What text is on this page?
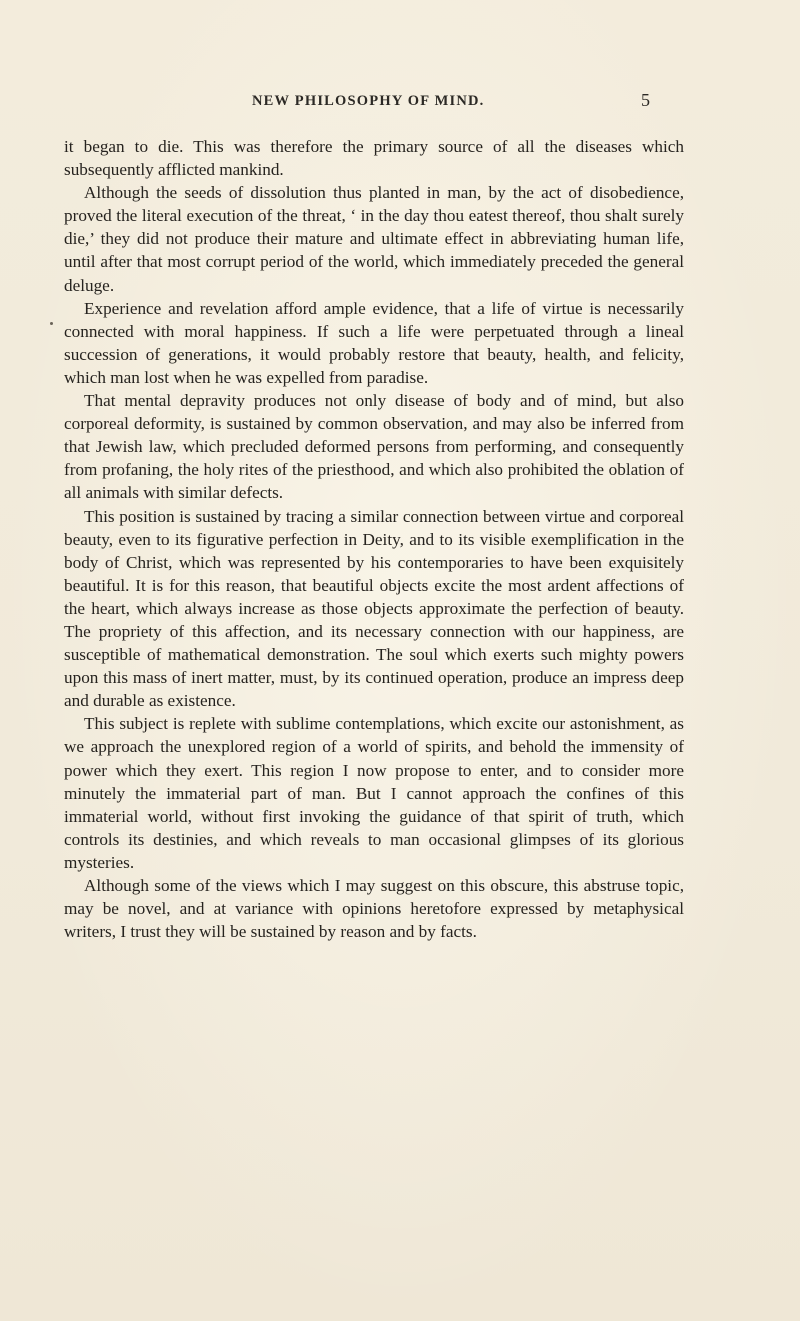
NEW PHILOSOPHY OF MIND.	5

it began to die. This was therefore the primary source of all the diseases which subsequently afflicted mankind.

Although the seeds of dissolution thus planted in man, by the act of disobedience, proved the literal execution of the threat, ‘ in the day thou eatest thereof, thou shalt surely die,’ they did not produce their mature and ultimate effect in abbreviating human life, until after that most corrupt period of the world, which immediately preceded the general deluge.

Experience and revelation afford ample evidence, that a life of virtue is necessarily connected with moral happiness. If such a life were perpetuated through a lineal succession of generations, it would probably restore that beauty, health, and felicity, which man lost when he was expelled from paradise.

That mental depravity produces not only disease of body and of mind, but also corporeal deformity, is sustained by common observation, and may also be inferred from that Jewish law, which precluded deformed persons from performing, and consequently from profaning, the holy rites of the priesthood, and which also prohibited the oblation of all animals with similar defects.

This position is sustained by tracing a similar connection between virtue and corporeal beauty, even to its figurative perfection in Deity, and to its visible exemplification in the body of Christ, which was represented by his contemporaries to have been exquisitely beautiful. It is for this reason, that beautiful objects excite the most ardent affections of the heart, which always increase as those objects approximate the perfection of beauty. The propriety of this affection, and its necessary connection with our happiness, are susceptible of mathematical demonstration. The soul which exerts such mighty powers upon this mass of inert matter, must, by its continued operation, produce an impress deep and durable as existence.

This subject is replete with sublime contemplations, which excite our astonishment, as we approach the unexplored region of a world of spirits, and behold the immensity of power which they exert. This region I now propose to enter, and to consider more minutely the immaterial part of man. But I cannot approach the confines of this immaterial world, without first invoking the guidance of that spirit of truth, which controls its destinies, and which reveals to man occasional glimpses of its glorious mysteries.

Although some of the views which I may suggest on this obscure, this abstruse topic, may be novel, and at variance with opinions heretofore expressed by metaphysical writers, I trust they will be sustained by reason and by facts.
